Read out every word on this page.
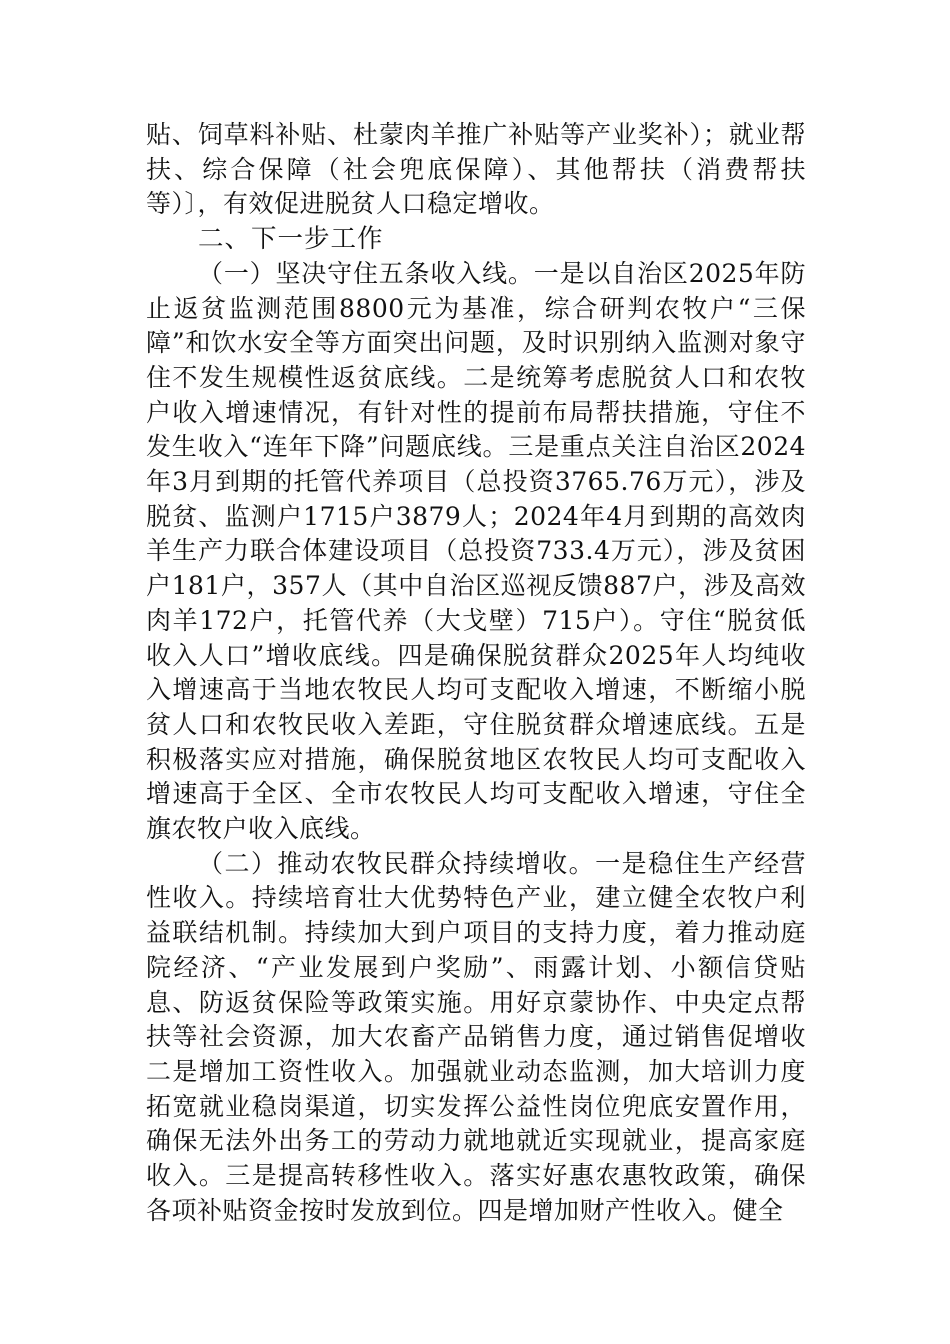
贴、饲草料补贴、杜蒙肉羊推广补贴等产业奖补）；就业帮扶、综合保障（社会兜底保障）、其他帮扶（消费帮扶等）〕，有效促进脱贫人口稳定增收。

二、下一步工作

（一）坚决守住五条收入线。一是以自治区2025年防止返贫监测范围8800元为基准，综合研判农牧户“三保障”和饮水安全等方面突出问题，及时识别纳入监测对象守住不发生规模性返贫底线。二是统筹考虑脱贫人口和农牧户收入增速情况，有针对性的提前布局帮扶措施，守住不发生收入“连年下降”问题底线。三是重点关注自治区2024年3月到期的托管代养项目（总投资3765.76万元），涉及脱贫、监测户1715户3879人；2024年4月到期的高效肉羊生产力联合体建设项目（总投资733.4万元），涉及贫困户181户，357人（其中自治区巡视反馈887户，涉及高效肉羊172户，托管代养（大戈壁）715户）。守住“脱贫低收入人口”增收底线。四是确保脱贫群众2025年人均纯收入增速高于当地农牧民人均可支配收入增速，不断缩小脱贫人口和农牧民收入差距，守住脱贫群众增速底线。五是积极落实应对措施，确保脱贫地区农牧民人均可支配收入增速高于全区、全市农牧民人均可支配收入增速，守住全旗农牧户收入底线。

（二）推动农牧民群众持续增收。一是稳住生产经营性收入。持续培育壮大优势特色产业，建立健全农牧户利益联结机制。持续加大到户项目的支持力度，着力推动庭院经济、“产业发展到户奖励”、雨露计划、小额信贷贴息、防返贫保险等政策实施。用好京蒙协作、中央定点帮扶等社会资源，加大农畜产品销售力度，通过销售促增收二是增加工资性收入。加强就业动态监测，加大培训力度拓宽就业稳岗渠道，切实发挥公益性岗位兜底安置作用，确保无法外出务工的劳动力就地就近实现就业，提高家庭收入。三是提高转移性收入。落实好惠农惠牧政策，确保各项补贴资金按时发放到位。四是增加财产性收入。健全
